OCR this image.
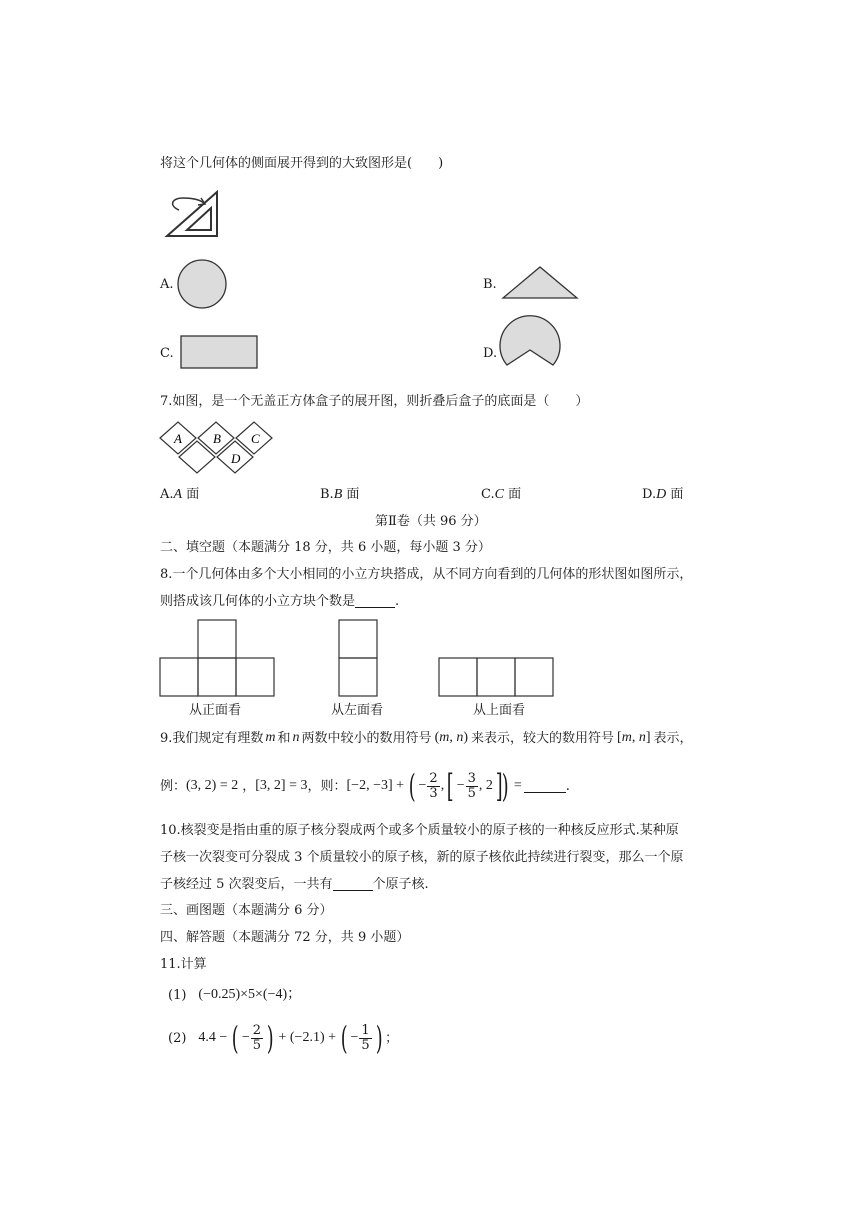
将这个几何体的侧面展开得到的大致图形是(　　)
A.	B.
C.	D.
7.如图，是一个无盖正方体盒子的展开图，则折叠后盒子的底面是（　　）
A B C
D
A.A 面	B.B 面	C.C 面	D.D 面
第Ⅱ卷（共 96 分）
二、填空题（本题满分 18 分，共 6 小题，每小题 3 分）
8.一个几何体由多个大小相同的小立方块搭成，从不同方向看到的几何体的形状图如图所示，
则搭成该几何体的小立方块个数是	.
从正面看	从左面看	从上面看
9.我们规定有理数 m 和 n 两数中较小的数用符号 (m, n) 来表示，较大的数用符号 [m, n] 表示，
例： (3, 2) = 2 ， [3, 2] = 3 ，则： [−2, −3] + ( − $\frac{2}{3}$ , [ − $\frac{3}{5}$ , 2 ] ) =	.
10.核裂变是指由重的原子核分裂成两个或多个质量较小的原子核的一种核反应形式.某种原
子核一次裂变可分裂成 3 个质量较小的原子核，新的原子核依此持续进行裂变，那么一个原
子核经过 5 次裂变后，一共有	个原子核.
三、画图题（本题满分 6 分）
四、解答题（本题满分 72 分，共 9 小题）
11.计算
(1) (−0.25)×5×(−4)；
(2) 4.4 − ( − $\frac{2}{5}$ ) + (−2.1) + ( − $\frac{1}{5}$ ) ；
